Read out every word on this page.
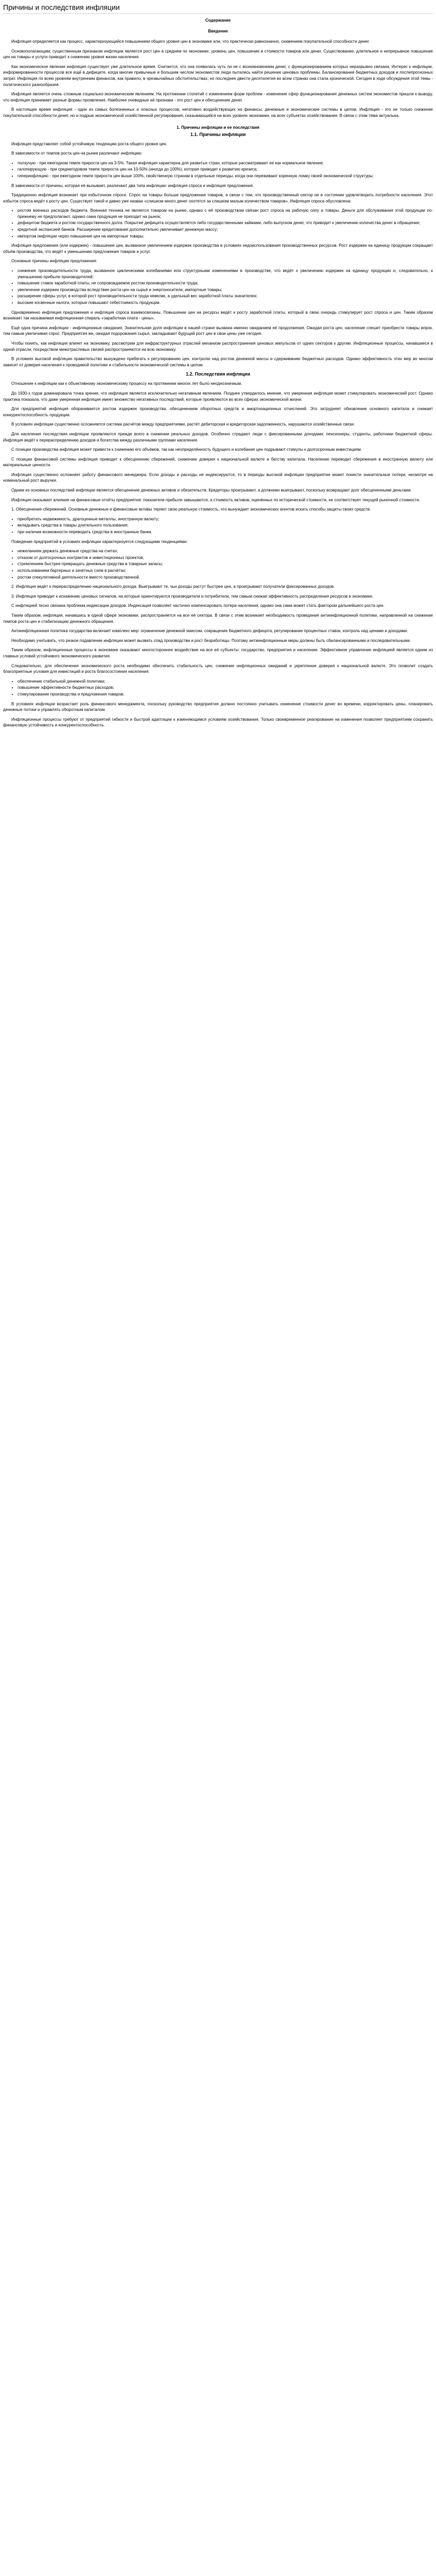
Причины и последствия инфляции
Содержание
Введение

Инфляция определяется как процесс, характеризующийся повышением общего уровня цен в экономике или, что практически равнозначно, снижением покупательной способности денег.

Основополагающим, существенным признаком инфляции является рост цен в среднем по экономике, уровень цен, повышение в стоимости товаров или денег. Существование, длительное и непрерывное повышение цен на товары и услуги приводит к снижению уровня жизни населения.

Как экономическое явление инфляция существует уже длительное время. Считается, что она появилась чуть ли не с возникновением денег, с функционированием которых неразрывно связана. Интерес к инфляции, информированности процессов все ещё в дефиците, когда многие привычные и большим числом экономистов люди пытались найти решение ценовых проблемы. Балансирование бюджетных доходов и послепрогнозных затрат. Инфляция по всем уровням внутренним финансов, как правило, в чрезвычайных обстоятельствах, но последнее двести десятилетия во всем странах она стала хронической. Сегодня в ходе обсуждения этой темы - политического разнообразия.

Инфляция является очень сложным социально-экономическим явлением. На протяжении столетий с изменением форм проблем - изменение сфер функционирования денежных систем экономистов пришли к выводу, что инфляция принимает разные формы проявления. Наиболее очевидные её признаки - это рост цен и обесценение денег.

В настоящее время инфляция - один из самых болезненных и опасных процессов, негативно воздействующих на финансы, денежные и экономические системы в целом. Инфляция - это не только снижение покупательной способности денег, но и подрыв экономической хозяйственной регулирования, сказывающийся на всех уровнях экономики, на всех субъектах хозяйствования. В связи с этим тема актуальна.

1. Причины инфляции и ее последствия
1.1. Причины инфляции

Инфляция представляет собой устойчивую тенденцию роста общего уровня цен.

В зависимости от темпов роста цен на рынке различают инфляцию:

• ползучую - при ежегодном темпе прироста цен на 3-5%. Такая инфляция характерна для развитых стран, которые рассматривают ее как нормальное явление;
• галопирующую - при среднегодовом темпе прироста цен на 10-50% (иногда до 100%), которая приводит к развитию кризиса;
• гиперинфляцию - при ежегодном темпе прироста цен выше 100%, свойственную странам в отдельные периоды, когда они переживают коренную ломку своей экономической структуры.

В зависимости от причины, которая её вызывает, различают два типа инфляции: инфляция спроса и инфляция предложения.

Традиционно инфляция возникает при избыточном спросе. Спрос на товары больше предложения товаров, а связи с тем, что производственный сектор не в состоянии удовлетворить потребности населения. Этот избыток спроса ведёт к росту цен. Существует такой и давно уже назван «слишком много денег охотятся за слишком малым количеством товаров». Инфляция спроса обусловлена:

• ростом военных расходов бюджета. Военная техника не является товаром на рынке, однако с её производством связан рост спроса на рабочую силу и товары. Деньги для обслуживания этой продукции по-прежнему не предполагают, однако сама продукция не приходит на рынок;
• дефицитом бюджета и ростом государственного долга. Покрытие дефицита осуществляется либо государственными займами, либо выпуском денег, что приводит к увеличению количества денег в обращении;
• кредитной экспансией банков. Расширение кредитования дополнительно увеличивает денежную массу;
• импортом инфляции через повышение цен на импортные товары.

Инфляция предложения (или издержек) - повышение цен, вызванное увеличением издержек производства в условиях недоиспользования производственных ресурсов. Рост издержек на единицу продукции сокращает объём производства, что ведёт к уменьшению предложения товаров и услуг.

Основные причины инфляции предложения:

• снижение производительности труда, вызванное циклическими колебаниями или структурными изменениями в производстве, что ведёт к увеличению издержек на единицу продукции и, следовательно, к уменьшению прибыли производителей;
• повышение ставок заработной платы, не сопровождаемое ростом производительности труда;
• увеличение издержек производства вследствие роста цен на сырьё и энергоносители, импортные товары;
• расширение сферы услуг, в которой рост производительности труда невелик, а удельный вес заработной платы значителен;
• высокие косвенные налоги, которые повышают себестоимость продукции.

Одновременно инфляция предложения и инфляция спроса взаимосвязаны. Повышение цен на ресурсы ведёт к росту заработной платы, который в свою очередь стимулирует рост спроса и цен. Таким образом возникает так называемая инфляционная спираль «заработная плата - цены».

Ещё одна причина инфляции - инфляционные ожидания. Значительная доля инфляции в нашей стране вызвана именно ожиданием её продолжения. Ожидая роста цен, население спешит приобрести товары впрок, тем самым увеличивая спрос. Предприятия же, ожидая подорожания сырья, закладывают будущий рост цен в свои цены уже сегодня.

Чтобы понять, как инфляция влияет на экономику, рассмотрим для инфраструктурных отраслей механизм распространения ценовых импульсов от одних секторов к другим. Инфляционные процессы, начавшиеся в одной отрасли, посредством межотраслевых связей распространяются на всю экономику.

В условиях высокой инфляции правительство вынуждено прибегать к регулированию цен, контролю над ростом денежной массы и сдерживанию бюджетных расходов. Однако эффективность этих мер во многом зависит от доверия населения к проводимой политике и стабильности экономической системы в целом.

1.2. Последствия инфляции

Отношение к инфляции как к объективному экономическому процессу на протяжении многих лет было неоднозначным.

До 1930-х годов доминировала точка зрения, что инфляция является исключительно негативным явлением. Позднее утвердилось мнение, что умеренная инфляция может стимулировать экономический рост. Однако практика показала, что даже умеренная инфляция имеет множество негативных последствий, которые проявляются во всех сферах экономической жизни.

Для предприятий инфляция оборачивается ростом издержек производства, обесценением оборотных средств и амортизационных отчислений. Это затрудняет обновление основного капитала и снижает конкурентоспособность продукции.

В условиях инфляции существенно осложняется система расчётов между предприятиями, растёт дебиторская и кредиторская задолженность, нарушаются хозяйственные связи.

Для населения последствия инфляции проявляются прежде всего в снижении реальных доходов. Особенно страдают люди с фиксированными доходами: пенсионеры, студенты, работники бюджетной сферы. Инфляция ведёт к перераспределению доходов и богатства между различными группами населения.

С позиции производства инфляция может привести к снижению его объёмов, так как неопределённость будущего и колебания цен подрывают стимулы к долгосрочным инвестициям.

С позиции финансовой системы инфляция приводит к обесценению сбережений, снижению доверия к национальной валюте и бегству капитала. Население переводит сбережения в иностранную валюту или материальные ценности.

Инфляция существенно осложняет работу финансового менеджера. Если доходы и расходы не индексируются, то в периоды высокой инфляции предприятие может понести значительные потери, несмотря на номинальный рост выручки.

Одним из основных последствий инфляции является обесценение денежных активов и обязательств. Кредиторы проигрывают, а должники выигрывают, поскольку возвращают долг обесцененными деньгами.

Инфляция оказывает влияние на финансовые отчёты предприятия: показатели прибыли завышаются, а стоимость активов, оценённых по исторической стоимости, не соответствует текущей рыночной стоимости.

1. Обесценение сбережений. Основные денежные и финансовые активы теряют свою реальную стоимость, что вынуждает экономических агентов искать способы защиты своих средств:

• приобретать недвижимость, драгоценные металлы, иностранную валюту;
• вкладывать средства в товары длительного пользования;
• при наличии возможности переводить средства в иностранные банки.

Поведение предприятий в условиях инфляции характеризуется следующими тенденциями:

• нежеланием держать денежные средства на счетах;
• отказом от долгосрочных контрактов и инвестиционных проектов;
• стремлением быстрее превращать денежные средства в товарные запасы;
• использованием бартерных и зачётных схем в расчётах;
• ростом спекулятивной деятельности вместо производственной.

2. Инфляция ведёт к перераспределению национального дохода. Выигрывают те, чьи доходы растут быстрее цен, а проигрывают получатели фиксированных доходов.

3. Инфляция приводит к искажению ценовых сигналов, на которые ориентируются производители и потребители, тем самым снижая эффективность распределения ресурсов в экономике.

С инфляцией тесно связана проблема индексации доходов. Индексация позволяет частично компенсировать потери населения, однако она сама может стать фактором дальнейшего роста цен.

Таким образом, инфляция, начавшись в одной сфере экономики, распространяется на все её сектора. В связи с этим возникает необходимость проведения антиинфляционной политики, направленной на снижение темпов роста цен и стабилизацию денежного обращения.

Антиинфляционная политика государства включает комплекс мер: ограничение денежной эмиссии, сокращение бюджетного дефицита, регулирование процентных ставок, контроль над ценами и доходами.

Необходимо учитывать, что резкое подавление инфляции может вызвать спад производства и рост безработицы. Поэтому антиинфляционные меры должны быть сбалансированными и последовательными.

Таким образом, инфляционные процессы в экономике оказывают многостороннее воздействие на все её субъекты: государство, предприятия и население. Эффективное управление инфляцией является одним из главных условий устойчивого экономического развития.

Следовательно, для обеспечения экономического роста необходимо обеспечить стабильность цен, снижение инфляционных ожиданий и укрепление доверия к национальной валюте. Это позволит создать благоприятные условия для инвестиций и роста благосостояния населения.

• обеспечение стабильной денежной политики;
• повышение эффективности бюджетных расходов;
• стимулирование производства и предложения товаров.

В условиях инфляции возрастает роль финансового менеджмента, поскольку руководство предприятия должно постоянно учитывать изменение стоимости денег во времени, корректировать цены, планировать денежные потоки и управлять оборотным капиталом.

Инфляционные процессы требуют от предприятий гибкости и быстрой адаптации к изменяющимся условиям хозяйствования. Только своевременное реагирование на изменения позволяет предприятиям сохранить финансовую устойчивость и конкурентоспособность.
